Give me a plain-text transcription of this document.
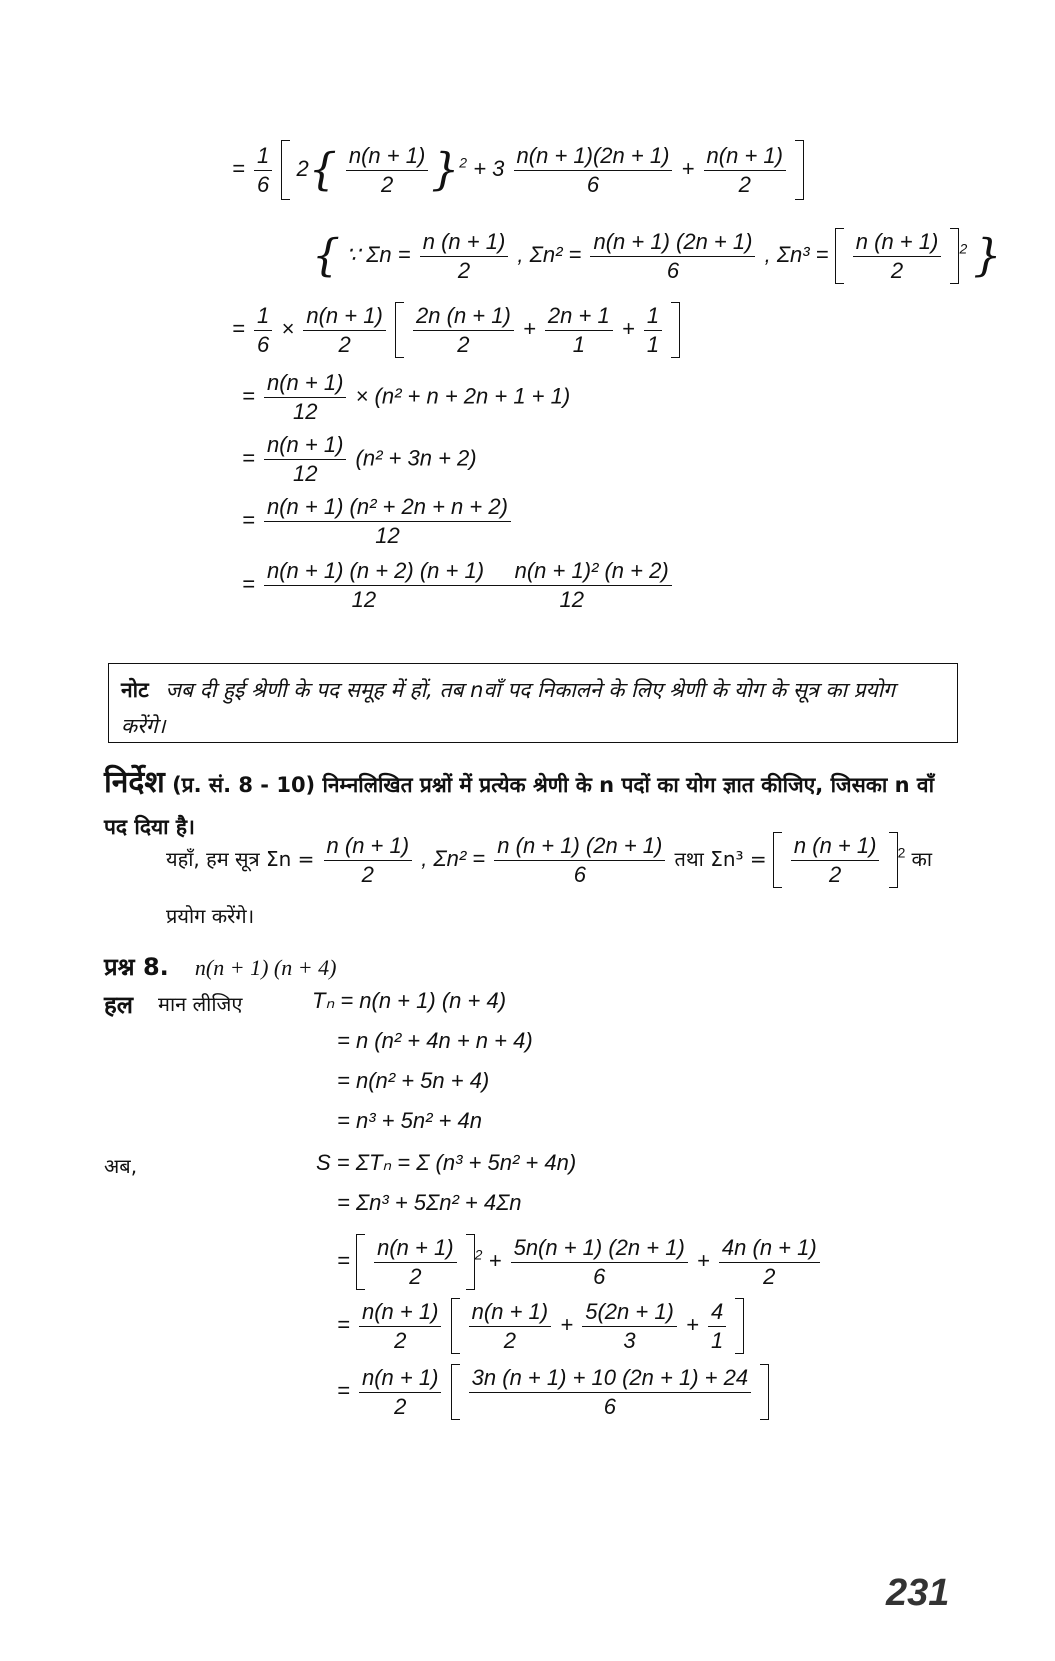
= $\frac{1}{6} 2\{ \frac{n(n + 1)}{2} \}^2 + 3 \frac{n(n + 1)(2n + 1)}{6} + \frac{n(n + 1)}{2}$

{ ∵ $\Sigma n = \frac{n (n + 1)}{2}$ , $\Sigma n^2 = \frac{n(n + 1) (2n + 1)}{6}$ , $\Sigma n^3 = \frac{n (n + 1)}{2} ^2$ }
= $\frac{1}{6} \times \frac{n(n + 1)}{2}$
$\frac{2n (n + 1)}{2} + \frac{2n + 1}{1} + \frac{1}{1}$

= $\frac{n(n + 1)}{12} \times (n^2 + n + 2n + 1 + 1)$
= $\frac{n(n + 1)}{12} (n^2 + 3n + 2)$
= $\frac{\text{n(n + 1) (n² + 2n + n + 2)}}{12}$
= $\frac{\text{n(n + 1) (n + 2) (n + 1)     n(n + 1)² (n + 2)}}{12 12}$
नोट जब दी हुई श्रेणी के पद समूह में हों, तब nवाँ पद निकालने के लिए श्रेणी के योग के सूत्र का प्रयोग करेंगे।
निर्देश (प्र. सं. 8 - 10) निम्नलिखित प्रश्नों में प्रत्येक श्रेणी के n पदों का योग ज्ञात कीजिए, जिसका n वाँ पद दिया है।
यहाँ, हम सूत्र $\Sigma n = \frac{n (n + 1)}{2}$ , $\Sigma n^2 = \frac{n (n + 1) (2n + 1)}{6}$ तथा $\Sigma n^3 = \frac{n (n + 1)}{2} ^2$ का
प्रयोग करेंगे।
प्रश्न 8. n(n + 1) (n + 4)
हल मान लीजिए	Tₙ = n(n + 1) (n + 4)
= n (n² + 4n + n + 4)
= n(n² + 5n + 4)
= n³ + 5n² + 4n
अब,	S = ΣTₙ = Σ (n³ + 5n² + 4n)
= Σn³ + 5Σn² + 4Σn
= $\frac{n(n + 1)}{2} ^2 + \frac{5n(n + 1) (2n + 1)}{6} + \frac{4n (n + 1)}{2}$
= $\frac{n(n + 1)}{2}$
$\frac{n(n + 1)}{2} + \frac{5(2n + 1)}{3} + \frac{4}{1}$

= $\frac{n(n + 1)}{2}$
$\frac{3n (n + 1) + 10 (2n + 1) + 24}{6}$

231
